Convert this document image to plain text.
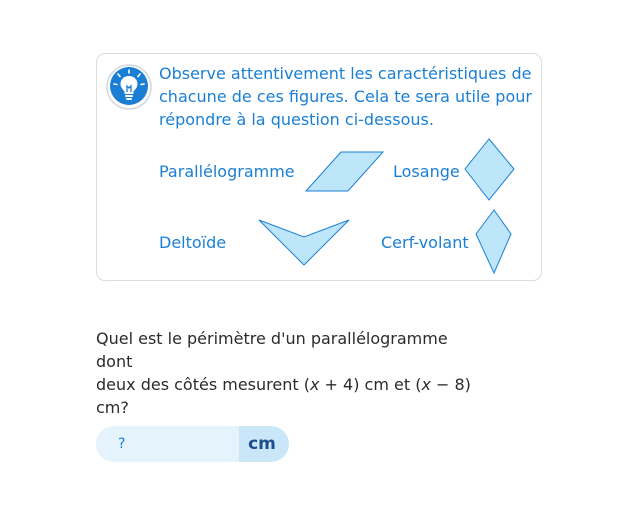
Observe attentivement les caractéristiques de chacune de ces figures. Cela te sera utile pour répondre à la question ci-dessous.

Parallélogramme	Losange
Deltoïde	Cerf-volant

Quel est le périmètre d'un parallélogramme dont
deux des côtés mesurent (x + 4) cm et (x − 8)
cm?

?
cm
